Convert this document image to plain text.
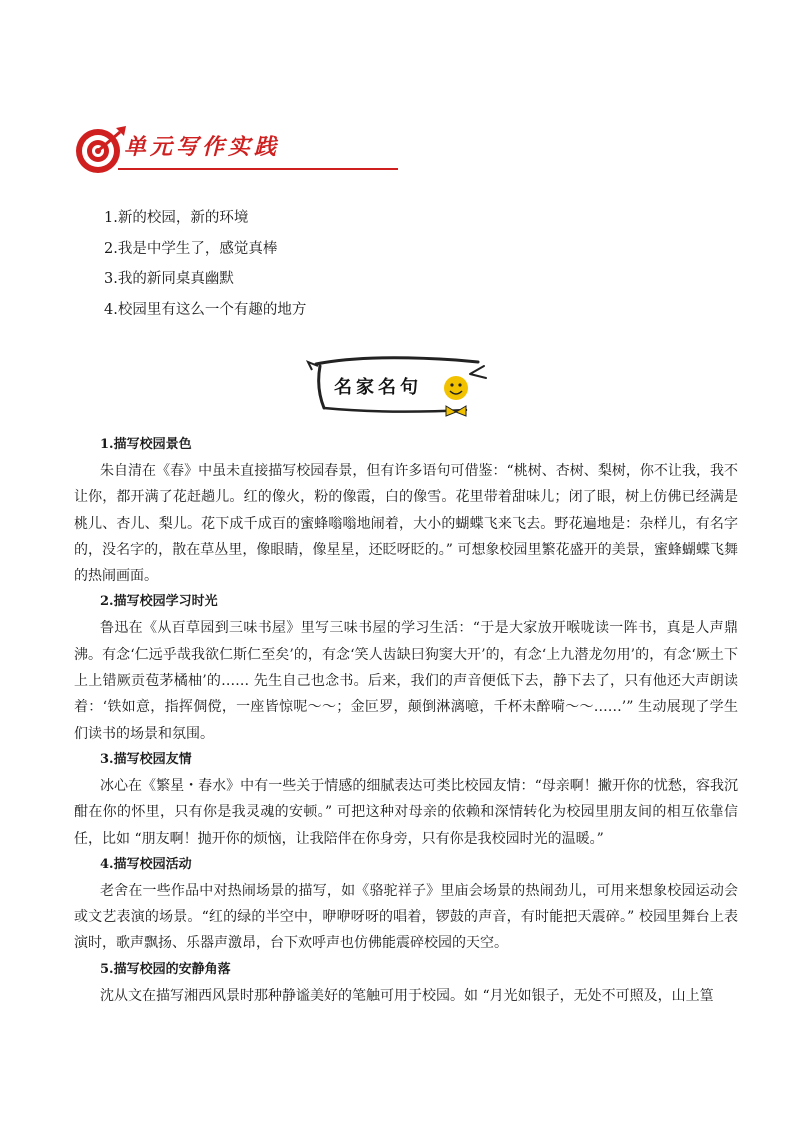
单元写作实践
1.新的校园，新的环境
2.我是中学生了，感觉真棒
3.我的新同桌真幽默
4.校园里有这么一个有趣的地方
名家名句
1.描写校园景色

朱自清在《春》中虽未直接描写校园春景，但有许多语句可借鉴：“桃树、杏树、梨树，你不让我，我不让你，都开满了花赶趟儿。红的像火，粉的像霞，白的像雪。花里带着甜味儿；闭了眼，树上仿佛已经满是桃儿、杏儿、梨儿。花下成千成百的蜜蜂嗡嗡地闹着，大小的蝴蝶飞来飞去。野花遍地是：杂样儿，有名字的，没名字的，散在草丛里，像眼睛，像星星，还眨呀眨的。” 可想象校园里繁花盛开的美景，蜜蜂蝴蝶飞舞的热闹画面。

2.描写校园学习时光

鲁迅在《从百草园到三味书屋》里写三味书屋的学习生活：“于是大家放开喉咙读一阵书，真是人声鼎沸。有念‘仁远乎哉我欲仁斯仁至矣’的，有念‘笑人齿缺曰狗窦大开’的，有念‘上九潜龙勿用’的，有念‘厥土下上上错厥贡苞茅橘柚’的…… 先生自己也念书。后来，我们的声音便低下去，静下去了，只有他还大声朗读着：‘铁如意，指挥倜傥，一座皆惊呢～～；金叵罗，颠倒淋漓噫，千杯未醉嗬～～……’” 生动展现了学生们读书的场景和氛围。

3.描写校园友情

冰心在《繁星・春水》中有一些关于情感的细腻表达可类比校园友情：“母亲啊！撇开你的忧愁，容我沉酣在你的怀里，只有你是我灵魂的安顿。” 可把这种对母亲的依赖和深情转化为校园里朋友间的相互依靠信任，比如 “朋友啊！抛开你的烦恼，让我陪伴在你身旁，只有你是我校园时光的温暖。”

4.描写校园活动

老舍在一些作品中对热闹场景的描写，如《骆驼祥子》里庙会场景的热闹劲儿，可用来想象校园运动会或文艺表演的场景。“红的绿的半空中，咿咿呀呀的唱着，锣鼓的声音，有时能把天震碎。” 校园里舞台上表演时，歌声飘扬、乐器声激昂，台下欢呼声也仿佛能震碎校园的天空。

5.描写校园的安静角落

沈从文在描写湘西风景时那种静谧美好的笔触可用于校园。如 “月光如银子，无处不可照及，山上篁
